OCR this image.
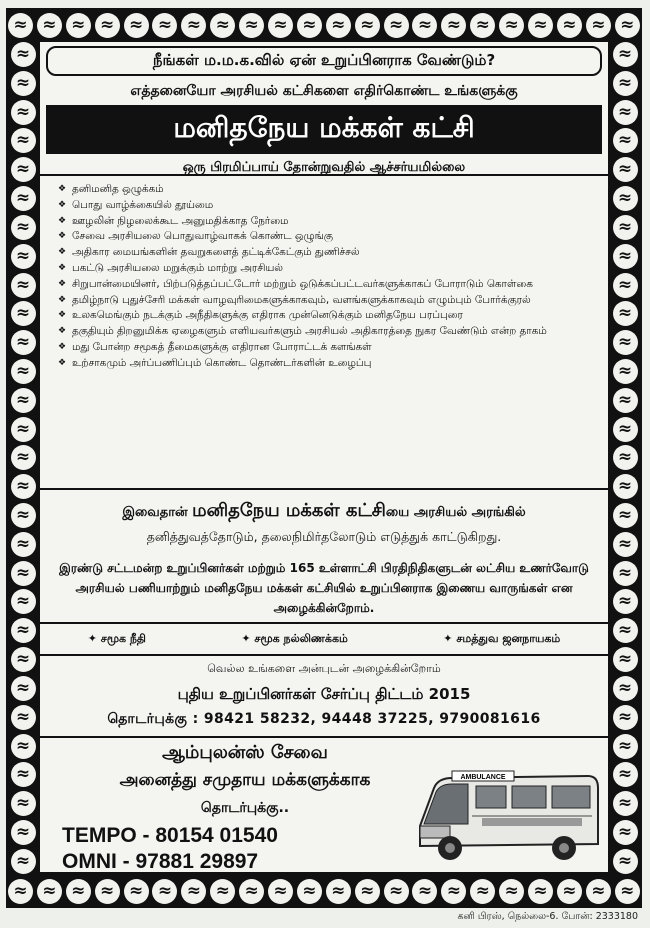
≈ ≈ ≈ ≈ ≈ ≈ ≈ ≈ ≈ ≈ ≈ ≈ ≈ ≈ ≈ ≈ ≈ ≈ ≈ ≈ ≈ ≈
≈ ≈ ≈ ≈ ≈ ≈ ≈ ≈ ≈ ≈ ≈ ≈ ≈ ≈ ≈ ≈ ≈ ≈ ≈ ≈ ≈ ≈
≈
≈
≈
≈
≈
≈
≈
≈
≈
≈
≈
≈
≈
≈
≈
≈
≈
≈
≈
≈
≈
≈
≈
≈
≈
≈
≈
≈
≈
≈
≈
≈
≈
≈
≈
≈
≈
≈
≈
≈
≈
≈
≈
≈
≈
≈
≈
≈
≈
≈
≈
≈
≈
≈
≈
≈
≈
≈
நீங்கள் ம.ம.க.வில் ஏன் உறுப்பினராக வேண்டும்?
எத்தனையோ அரசியல் கட்சிகளை எதிர்கொண்ட உங்களுக்கு
மனிதநேய மக்கள் கட்சி
ஒரு பிரமிப்பாய் தோன்றுவதில் ஆச்சர்யமில்லை
❖ தனிமனித ஒழுக்கம்
❖ பொது வாழ்க்கையில் தூய்மை
❖ ஊழலின் நிழலைக்கூட அனுமதிக்காத நேர்மை
❖ சேவை அரசியலை பொதுவாழ்வாகக் கொண்ட ஒழுங்கு
❖ அதிகார மையங்களின் தவறுகளைத் தட்டிக்கேட்கும் துணிச்சல்
❖ பகட்டு அரசியலை மறுக்கும் மாற்று அரசியல்
❖ சிறுபான்மையினர், பிற்படுத்தப்பட்டோர் மற்றும் ஒடுக்கப்பட்டவர்களுக்காகப் போராடும் கொள்கை
❖ தமிழ்நாடு புதுச்சேரி மக்கள் வாழவுரிமைகளுக்காகவும், வளங்களுக்காகவும் எழும்பும் போர்க்குரல்
❖ உலகமெங்கும் நடக்கும் அநீதிகளுக்கு எதிராக முன்னெடுக்கும் மனிதநேய பரப்புரை
❖ தகுதியும் திறனுமிக்க ஏழைகளும் எளியவர்களும் அரசியல் அதிகாரத்தை நுகர வேண்டும் என்ற தாகம்
❖ மது போன்ற சமூகத் தீமைகளுக்கு எதிரான போராட்டக் களங்கள்
❖ உற்சாகமும் அர்ப்பணிப்பும் கொண்ட தொண்டர்களின் உழைப்பு
இவைதான் மனிதநேய மக்கள் கட்சியை அரசியல் அரங்கில்
தனித்துவத்தோடும், தலைநிமிர்தலோடும் எடுத்துக் காட்டுகிறது.
இரண்டு சட்டமன்ற உறுப்பினர்கள் மற்றும் 165 உள்ளாட்சி பிரதிநிதிகளுடன் லட்சிய உணர்வோடு அரசியல் பணியாற்றும் மனிதநேய மக்கள் கட்சியில் உறுப்பினராக இணைய வாருங்கள் என அழைக்கின்றோம்.
✦ சமூக நீதி	✦ சமூக நல்லிணக்கம்	✦ சமத்துவ ஜனநாயகம்
வெல்ல உங்களை அன்புடன் அழைக்கின்றோம்
புதிய உறுப்பினர்கள் சேர்ப்பு திட்டம் 2015
தொடர்புக்கு : 98421 58232, 94448 37225, 9790081616
ஆம்புலன்ஸ் சேவை
அனைத்து சமுதாய மக்களுக்காக
தொடர்புக்கு..
TEMPO - 80154 01540
OMNI - 97881 29897
AMBULANCE
கனி பிரஸ், நெல்லை-6. போன்: 2333180
